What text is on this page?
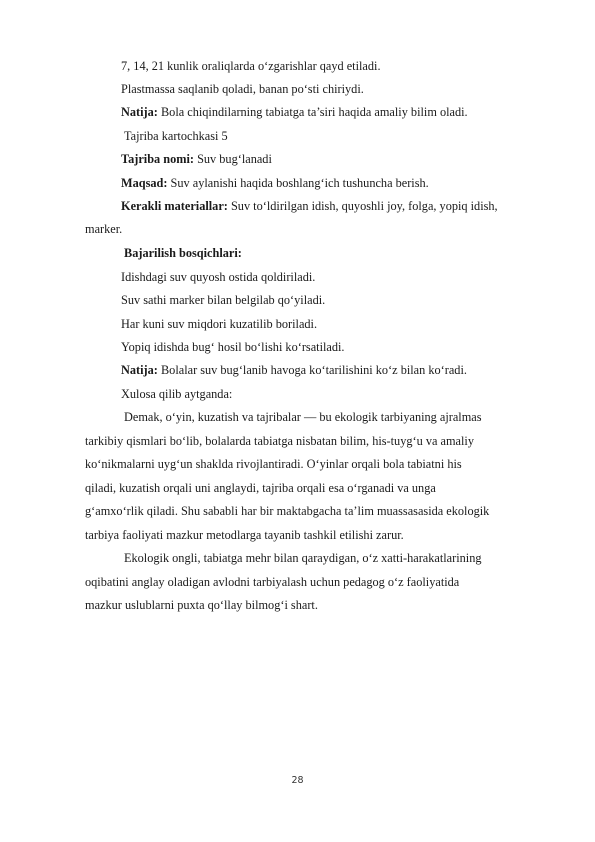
7, 14, 21 kunlik oraliqlarda o‘zgarishlar qayd etiladi.
Plastmassa saqlanib qoladi, banan po‘sti chiriydi.
Natija: Bola chiqindilarning tabiatga ta’siri haqida amaliy bilim oladi.
Tajriba kartochkasi 5
Tajriba nomi: Suv bug‘lanadi
Maqsad: Suv aylanishi haqida boshlang‘ich tushuncha berish.
Kerakli materiallar: Suv to‘ldirilgan idish, quyoshli joy, folga, yopiq idish,
marker.
Bajarilish bosqichlari:
Idishdagi suv quyosh ostida qoldiriladi.
Suv sathi marker bilan belgilab qo‘yiladi.
Har kuni suv miqdori kuzatilib boriladi.
Yopiq idishda bug‘ hosil bo‘lishi ko‘rsatiladi.
Natija: Bolalar suv bug‘lanib havoga ko‘tarilishini ko‘z bilan ko‘radi.
Xulosa qilib aytganda:
Demak, o‘yin, kuzatish va tajribalar — bu ekologik tarbiyaning ajralmas
tarkibiy qismlari bo‘lib, bolalarda tabiatga nisbatan bilim, his-tuyg‘u va amaliy
ko‘nikmalarni uyg‘un shaklda rivojlantiradi. O‘yinlar orqali bola tabiatni his
qiladi, kuzatish orqali uni anglaydi, tajriba orqali esa o‘rganadi va unga
g‘amxo‘rlik qiladi. Shu sababli har bir maktabgacha ta’lim muassasasida ekologik
tarbiya faoliyati mazkur metodlarga tayanib tashkil etilishi zarur.
Ekologik ongli, tabiatga mehr bilan qaraydigan, o‘z xatti-harakatlarining
oqibatini anglay oladigan avlodni tarbiyalash uchun pedagog o‘z faoliyatida
mazkur uslublarni puxta qo‘llay bilmog‘i shart.
28
